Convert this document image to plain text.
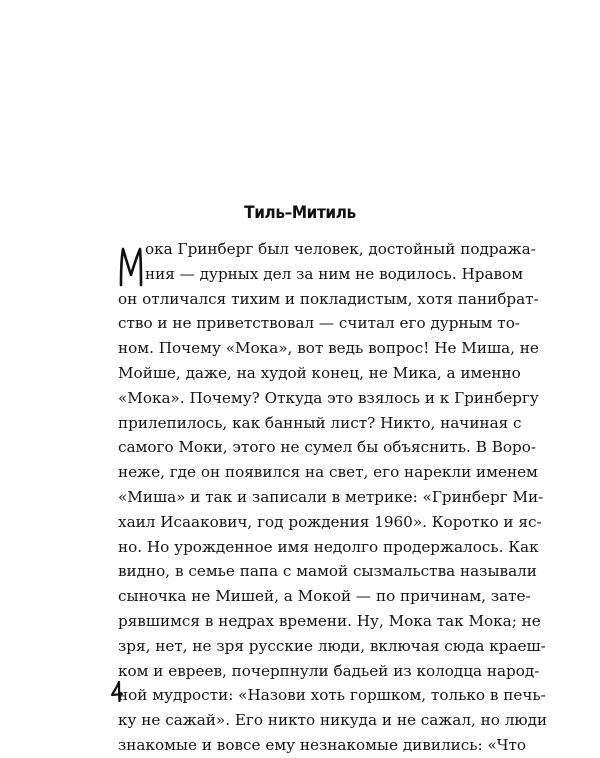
Тиль–Митиль
М	ока Гринберг был человек, достойный подража-
ния — дурных дел за ним не водилось. Нравом
он отличался тихим и покладистым, хотя панибрат-
ство и не приветствовал — считал его дурным то-
ном. Почему «Мока», вот ведь вопрос! Не Миша, не
Мойше, даже, на худой конец, не Мика, а именно
«Мока». Почему? Откуда это взялось и к Гринбергу
прилепилось, как банный лист? Никто, начиная с
самого Моки, этого не сумел бы объяснить. В Воро-
неже, где он появился на свет, его нарекли именем
«Миша» и так и записали в метрике: «Гринберг Ми-
хаил Исаакович, год рождения 1960». Коротко и яс-
но. Но урожденное имя недолго продержалось. Как
видно, в семье папа с мамой сызмальства называли
сыночка не Мишей, а Мокой — по причинам, зате-
рявшимся в недрах времени. Ну, Мока так Мока; не
зря, нет, не зря русские люди, включая сюда краеш-
ком и евреев, почерпнули бадьей из колодца народ-
ной мудрости: «Назови хоть горшком, только в печь-
ку не сажай». Его никто никуда и не сажал, но люди
знакомые и вовсе ему незнакомые дивились: «Что
4
